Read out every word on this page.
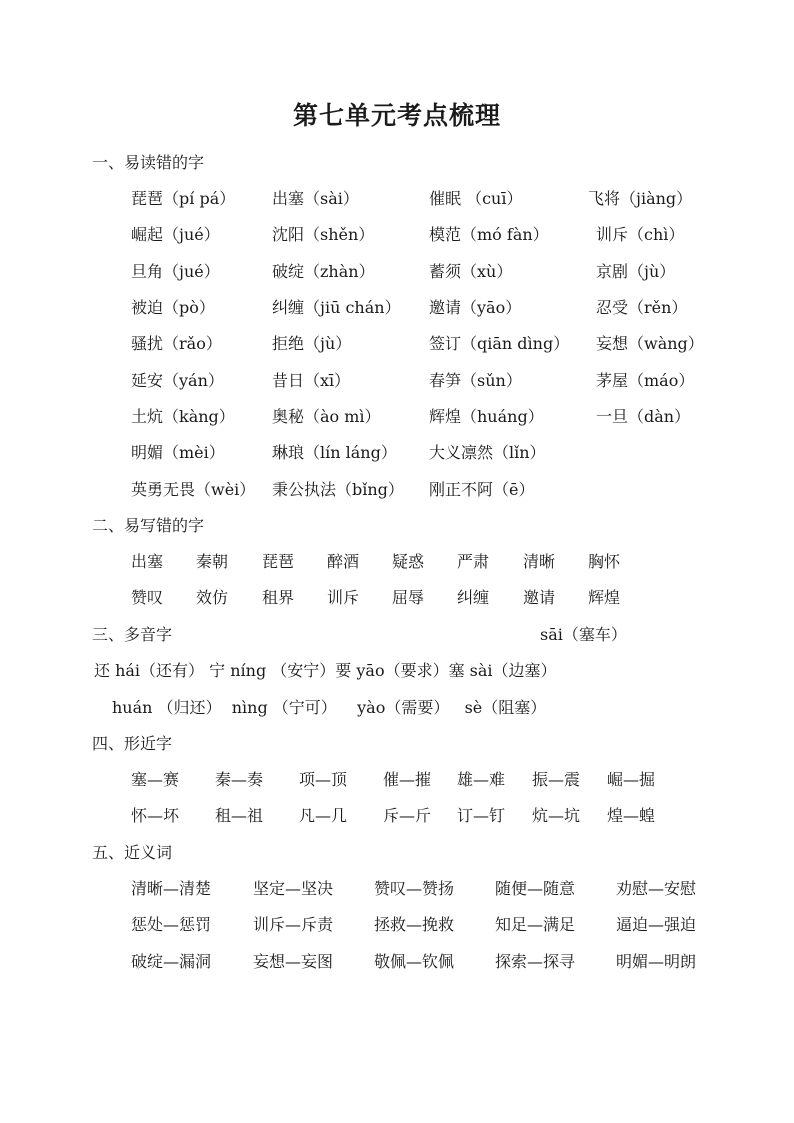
第七单元考点梳理
一、易读错的字
琵琶（pí pá） 出塞（sài）	催眠 （cuī）	飞将（jiàng）
崛起（jué）	沈阳（shěn）	模范（mó fàn）	训斥（chì）
旦角（jué）	破绽（zhàn）	蓄须（xù）	京剧（jù）
被迫（pò）	纠缠（jiū chán） 邀请（yāo）	忍受（rěn）
骚扰（rǎo）	拒绝（jù）	签订（qiān dìng） 妄想（wàng）
延安（yán）	昔日（xī）	春笋（sǔn）	茅屋（máo）
土炕（kàng） 奥秘（ào mì）	辉煌（huáng）	一旦（dàn）
明媚（mèi）	琳琅（lín láng） 大义凛然（lǐn）
英勇无畏（wèi） 秉公执法（bǐng） 刚正不阿（ē）
二、易写错的字
出塞 秦朝 琵琶 醉酒 疑惑 严肃 清晰 胸怀
赞叹 效仿 租界 训斥 屈辱 纠缠 邀请 辉煌
三、多音字	sāi（塞车）
还 hái（还有） 宁 níng （安宁）要 yāo（要求）塞 sài（边塞）
huán （归还）  nìng （宁可）    yào（需要）   sè（阻塞）
四、形近字
塞—赛 秦—奏 项—顶 催—摧 雄—难 振—震 崛—掘
怀—坏 租—祖 凡—几 斥—斤 订—钉 炕—坑 煌—蝗
五、近义词
清晰—清楚	坚定—坚决	赞叹—赞扬	随便—随意	劝慰—安慰
惩处—惩罚	训斥—斥责	拯救—挽救	知足—满足	逼迫—强迫
破绽—漏洞	妄想—妄图	敬佩—钦佩	探索—探寻	明媚—明朗
